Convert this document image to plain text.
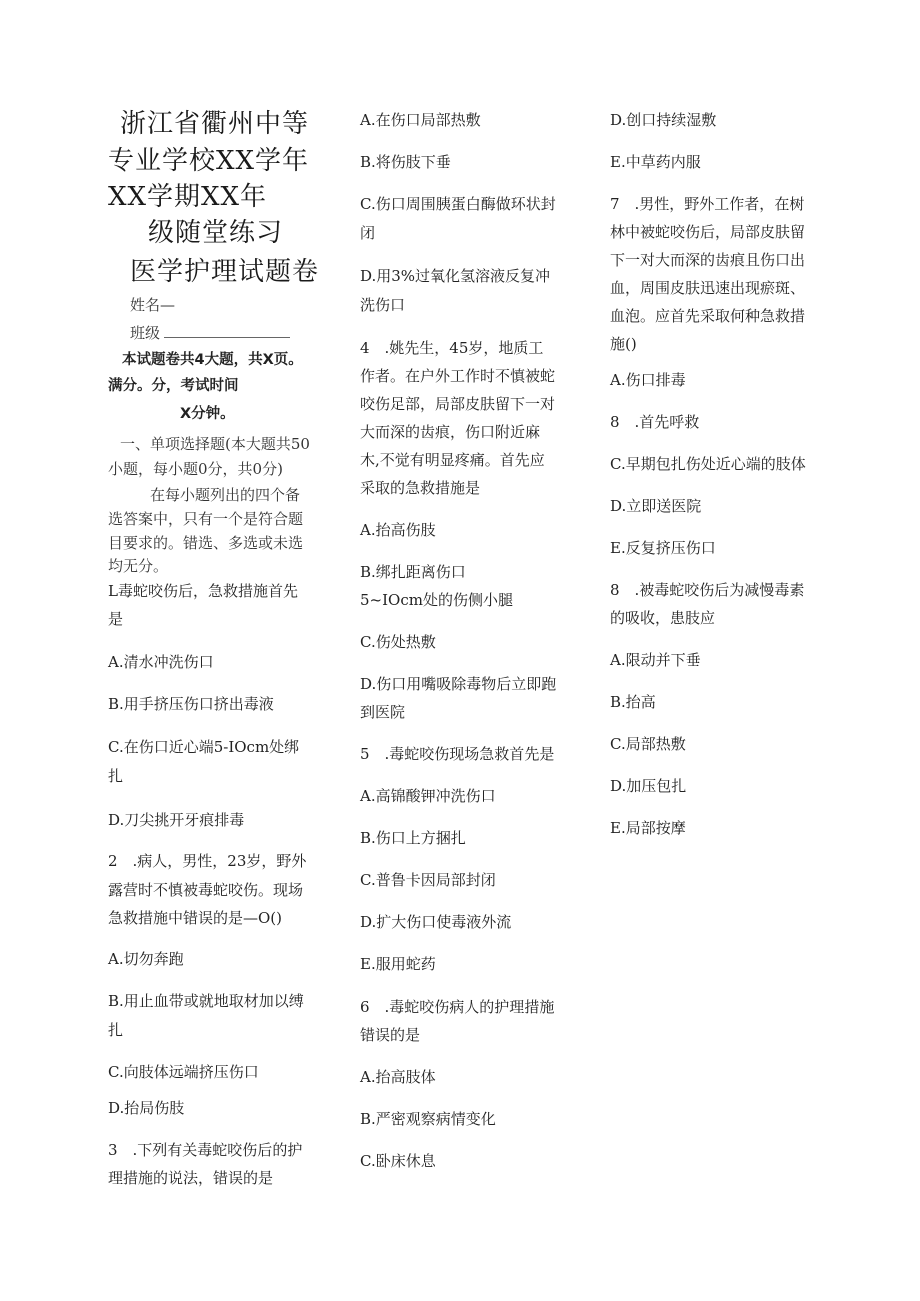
浙江省衢州中等
专业学校XX学年
XX学期XX年
级随堂练习
医学护理试题卷
姓名—
班级
本试题卷共4大题，共X页。
满分。分，考试时间
X分钟。
一、单项选择题(本大题共50
小题，每小题0分，共0分)
在每小题列出的四个备
选答案中，只有一个是符合题
目要求的。错选、多选或未选
均无分。
L毒蛇咬伤后，急救措施首先
是
A.清水冲洗伤口
B.用手挤压伤口挤出毒液
C.在伤口近心端5-IOcm处绑
扎
D.刀尖挑开牙痕排毒
2　.病人，男性，23岁，野外
露营时不慎被毒蛇咬伤。现场
急救措施中错误的是—O()
A.切勿奔跑
B.用止血带或就地取材加以缚
扎
C.向肢体远端挤压伤口
D.抬局伤肢
3　.下列有关毒蛇咬伤后的护
理措施的说法，错误的是
A.在伤口局部热敷
B.将伤肢下垂
C.伤口周围胰蛋白酶做环状封
闭
D.用3%过氧化氢溶液反复冲
洗伤口
4　.姚先生，45岁，地质工
作者。在户外工作时不慎被蛇
咬伤足部，局部皮肤留下一对
大而深的齿痕，伤口附近麻
木,不觉有明显疼痛。首先应
采取的急救措施是
A.抬高伤肢
B.绑扎距离伤口
5~IOcm处的伤侧小腿
C.伤处热敷
D.伤口用嘴吸除毒物后立即跑
到医院
5　.毒蛇咬伤现场急救首先是
A.高锦酸钾冲洗伤口
B.伤口上方捆扎
C.普鲁卡因局部封闭
D.扩大伤口使毒液外流
E.服用蛇药
6　.毒蛇咬伤病人的护理措施
错误的是
A.抬高肢体
B.严密观察病情变化
C.卧床休息
D.创口持续湿敷
E.中草药内服
7　.男性，野外工作者，在树
林中被蛇咬伤后，局部皮肤留
下一对大而深的齿痕且伤口出
血，周围皮肤迅速出现瘀斑、
血泡。应首先采取何种急救措
施()
A.伤口排毒
8　.首先呼救
C.早期包扎伤处近心端的肢体
D.立即送医院
E.反复挤压伤口
8　.被毒蛇咬伤后为减慢毒素
的吸收，患肢应
A.限动并下垂
B.抬高
C.局部热敷
D.加压包扎
E.局部按摩
